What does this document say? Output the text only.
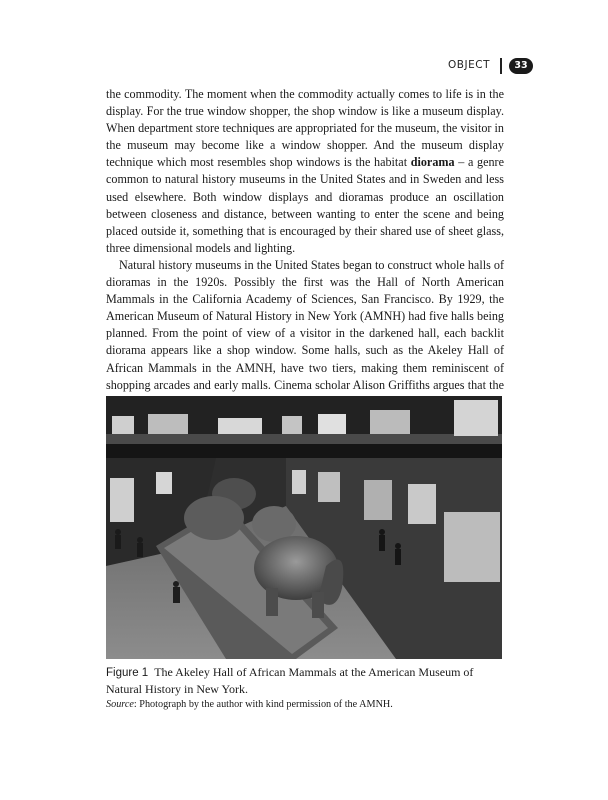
OBJECT	33

the commodity. The moment when the commodity actually comes to life is in the display. For the true window shopper, the shop window is like a museum display. When department store techniques are appropriated for the museum, the visitor in the museum may become like a window shopper. And the museum display technique which most resembles shop windows is the habitat diorama – a genre common to natural history museums in the United States and in Sweden and less used elsewhere. Both window displays and dioramas produce an oscillation between closeness and distance, between wanting to enter the scene and being placed outside it, something that is encouraged by their shared use of sheet glass, three dimensional models and lighting.

Natural history museums in the United States began to construct whole halls of dioramas in the 1920s. Possibly the first was the Hall of North American Mammals in the California Academy of Sciences, San Francisco. By 1929, the American Museum of Natural History in New York (AMNH) had five halls being planned. From the point of view of a visitor in the darkened hall, each backlit diorama appears like a shop window. Some halls, such as the Akeley Hall of African Mammals in the AMNH, have two tiers, making them reminiscent of shopping arcades and early malls. Cinema scholar Alison Griffiths argues that the

Figure 1 The Akeley Hall of African Mammals at the American Museum of Natural History in New York.
Source: Photograph by the author with kind permission of the AMNH.
